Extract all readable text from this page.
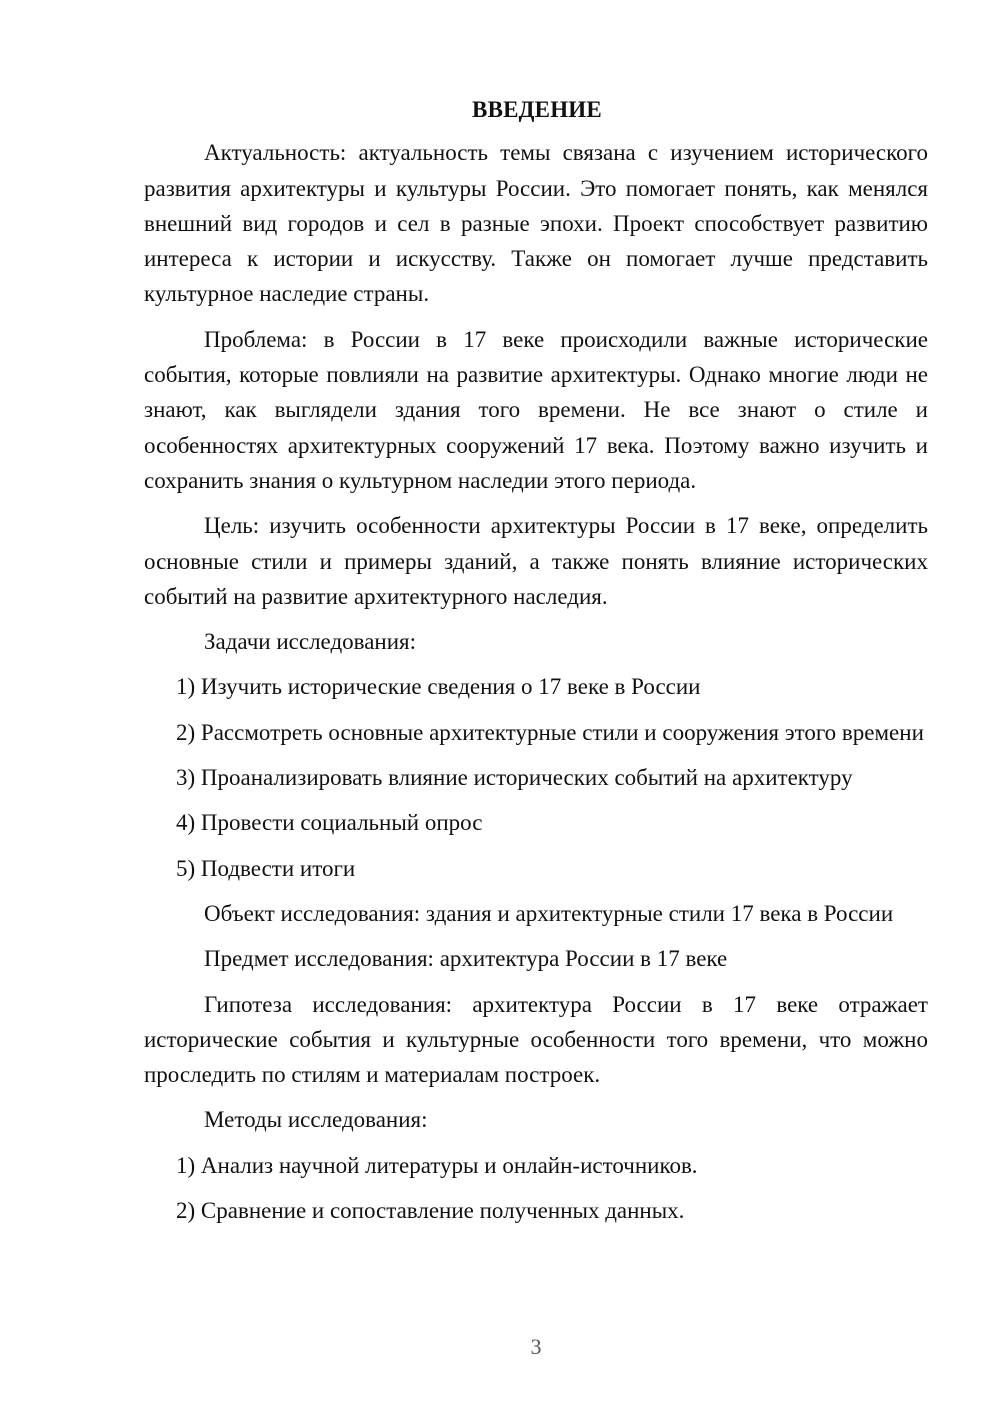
ВВЕДЕНИЕ

Актуальность: актуальность темы связана с изучением исторического развития архитектуры и культуры России. Это помогает понять, как менялся внешний вид городов и сел в разные эпохи. Проект способствует развитию интереса к истории и искусству. Также он помогает лучше представить культурное наследие страны.

Проблема: в России в 17 веке происходили важные исторические события, которые повлияли на развитие архитектуры. Однако многие люди не знают, как выглядели здания того времени. Не все знают о стиле и особенностях архитектурных сооружений 17 века. Поэтому важно изучить и сохранить знания о культурном наследии этого периода.

Цель: изучить особенности архитектуры России в 17 веке, определить основные стили и примеры зданий, а также понять влияние исторических событий на развитие архитектурного наследия.

Задачи исследования:

1) Изучить исторические сведения о 17 веке в России

2) Рассмотреть основные архитектурные стили и сооружения этого времени

3) Проанализировать влияние исторических событий на архитектуру

4) Провести социальный опрос

5) Подвести итоги

Объект исследования: здания и архитектурные стили 17 века в России

Предмет исследования: архитектура России в 17 веке

Гипотеза исследования: архитектура России в 17 веке отражает исторические события и культурные особенности того времени, что можно проследить по стилям и материалам построек.

Методы исследования:

1) Анализ научной литературы и онлайн-источников.

2) Сравнение и сопоставление полученных данных.

3
